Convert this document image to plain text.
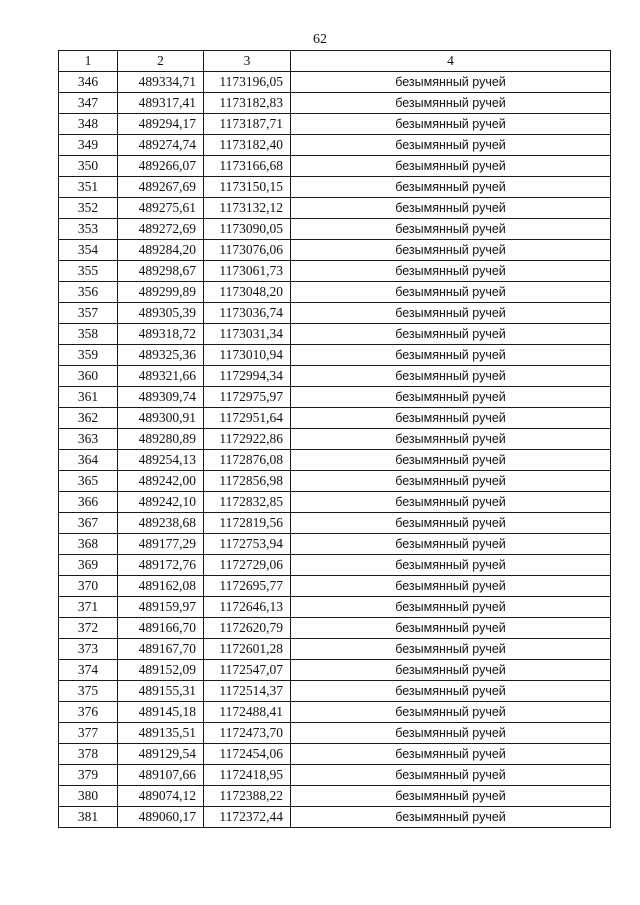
62
1	2	3	4
346	489334,71	1173196,05	безымянный ручей
347	489317,41	1173182,83	безымянный ручей
348	489294,17	1173187,71	безымянный ручей
349	489274,74	1173182,40	безымянный ручей
350	489266,07	1173166,68	безымянный ручей
351	489267,69	1173150,15	безымянный ручей
352	489275,61	1173132,12	безымянный ручей
353	489272,69	1173090,05	безымянный ручей
354	489284,20	1173076,06	безымянный ручей
355	489298,67	1173061,73	безымянный ручей
356	489299,89	1173048,20	безымянный ручей
357	489305,39	1173036,74	безымянный ручей
358	489318,72	1173031,34	безымянный ручей
359	489325,36	1173010,94	безымянный ручей
360	489321,66	1172994,34	безымянный ручей
361	489309,74	1172975,97	безымянный ручей
362	489300,91	1172951,64	безымянный ручей
363	489280,89	1172922,86	безымянный ручей
364	489254,13	1172876,08	безымянный ручей
365	489242,00	1172856,98	безымянный ручей
366	489242,10	1172832,85	безымянный ручей
367	489238,68	1172819,56	безымянный ручей
368	489177,29	1172753,94	безымянный ручей
369	489172,76	1172729,06	безымянный ручей
370	489162,08	1172695,77	безымянный ручей
371	489159,97	1172646,13	безымянный ручей
372	489166,70	1172620,79	безымянный ручей
373	489167,70	1172601,28	безымянный ручей
374	489152,09	1172547,07	безымянный ручей
375	489155,31	1172514,37	безымянный ручей
376	489145,18	1172488,41	безымянный ручей
377	489135,51	1172473,70	безымянный ручей
378	489129,54	1172454,06	безымянный ручей
379	489107,66	1172418,95	безымянный ручей
380	489074,12	1172388,22	безымянный ручей
381	489060,17	1172372,44	безымянный ручей
